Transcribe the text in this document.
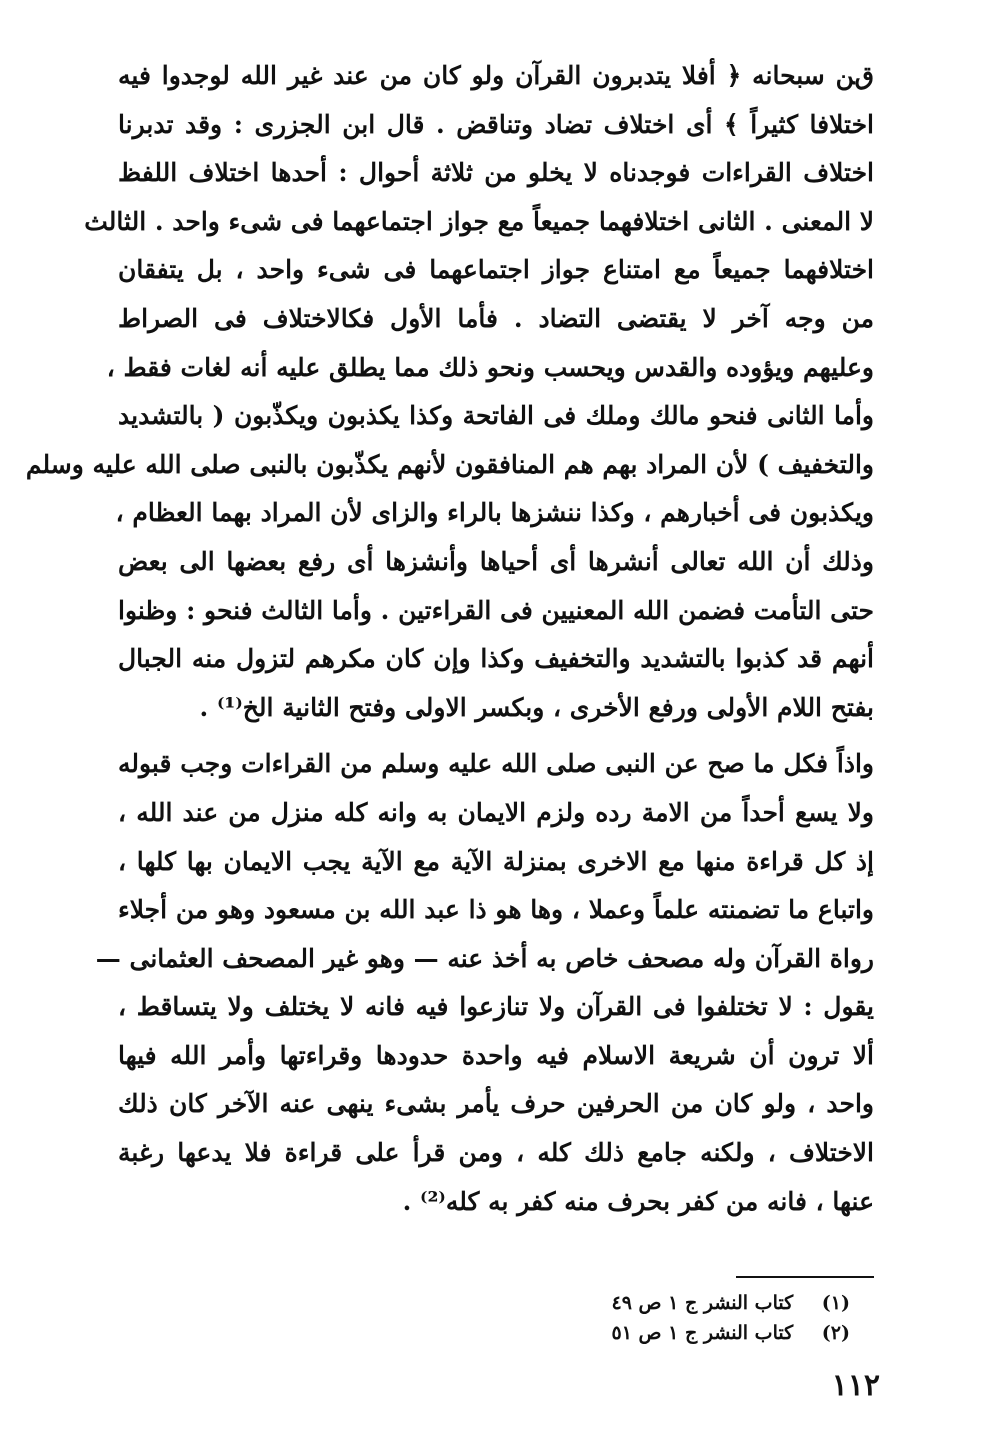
ﻕﻦ ﺳﺒﺤﺎﻧﻪ ﴿ ﺃﻓﻼ ﻳﺘﺪﺑﺮﻭﻥ ﺍﻟﻘﺮﺁﻥ ﻭﻟﻮ ﻛﺎﻥ ﻣﻦ ﻋﻨﺪ ﻏﻴﺮ ﺍﻟﻠﻪ ﻟﻮﺟﺪﻭﺍ ﻓﻴﻪ
ﺍﺧﺘﻼﻓﺎ ﻛﺜﻴﺮﺍً ﴾ ﺃﻯ ﺍﺧﺘﻼﻑ ﺗﻀﺎﺩ ﻭﺗﻨﺎﻗﺾ . ﻗﺎﻝ ﺍﺑﻦ ﺍﻟﺠﺰﺭﻯ : ﻭﻗﺪ ﺗﺪﺑﺮﻧﺎ
ﺍﺧﺘﻼﻑ ﺍﻟﻘﺮﺍﺀﺍﺕ ﻓﻮﺟﺪﻧﺎﻩ ﻻ ﻳﺨﻠﻮ ﻣﻦ ﺛﻼﺛﺔ ﺃﺣﻮﺍﻝ : ﺃﺣﺪﻫﺎ ﺍﺧﺘﻼﻑ ﺍﻟﻠﻔﻆ
ﻻ ﺍﻟﻤﻌﻨﻰ . ﺍﻟﺜﺎﻧﻰ ﺍﺧﺘﻼﻓﻬﻤﺎ ﺟﻤﻴﻌﺎً ﻣﻊ ﺟﻮﺍﺯ ﺍﺟﺘﻤﺎﻋﻬﻤﺎ ﻓﻰ ﺷﻰﺀ ﻭﺍﺣﺪ . ﺍﻟﺜﺎﻟﺚ
ﺍﺧﺘﻼﻓﻬﻤﺎ ﺟﻤﻴﻌﺎً ﻣﻊ ﺍﻣﺘﻨﺎﻉ ﺟﻮﺍﺯ ﺍﺟﺘﻤﺎﻋﻬﻤﺎ ﻓﻰ ﺷﻰﺀ ﻭﺍﺣﺪ ، ﺑﻞ ﻳﺘﻔﻘﺎﻥ
ﻣﻦ ﻭﺟﻪ ﺁﺧﺮ ﻻ ﻳﻘﺘﻀﻰ ﺍﻟﺘﻀﺎﺩ . ﻓﺄﻣﺎ ﺍﻷﻭﻝ ﻓﻜﺎﻻﺧﺘﻼﻑ ﻓﻰ ﺍﻟﺼﺮﺍﻁ
ﻭﻋﻠﻴﻬﻢ ﻭﻳﺆﻭﺩﻩ ﻭﺍﻟﻘﺪﺱ ﻭﻳﺤﺴﺐ ﻭﻧﺤﻮ ﺫﻟﻚ ﻣﻤﺎ ﻳﻄﻠﻖ ﻋﻠﻴﻪ ﺃﻧﻪ ﻟﻐﺎﺕ ﻓﻘﻂ ،
ﻭﺃﻣﺎ ﺍﻟﺜﺎﻧﻰ ﻓﻨﺤﻮ ﻣﺎﻟﻚ ﻭﻣﻠﻚ ﻓﻰ ﺍﻟﻔﺎﺗﺤﺔ ﻭﻛﺬﺍ ﻳﻜﺬﺑﻮﻥ ﻭﻳﻜﺬّﺑﻮﻥ ( ﺑﺎﻟﺘﺸﺪﻳﺪ
ﻭﺍﻟﺘﺨﻔﻴﻒ ) ﻷﻥ ﺍﻟﻤﺮﺍﺩ ﺑﻬﻢ ﻫﻢ ﺍﻟﻤﻨﺎﻓﻘﻮﻥ ﻷﻧﻬﻢ ﻳﻜﺬّﺑﻮﻥ ﺑﺎﻟﻨﺒﻰ ﺻﻠﻰ ﺍﻟﻠﻪ ﻋﻠﻴﻪ ﻭﺳﻠﻢ
ﻭﻳﻜﺬﺑﻮﻥ ﻓﻰ ﺃﺧﺒﺎﺭﻫﻢ ، ﻭﻛﺬﺍ ﻧﻨﺸﺰﻫﺎ ﺑﺎﻟﺮﺍﺀ ﻭﺍﻟﺰﺍﻯ ﻷﻥ ﺍﻟﻤﺮﺍﺩ ﺑﻬﻤﺎ ﺍﻟﻌﻈﺎﻡ ،
ﻭﺫﻟﻚ ﺃﻥ ﺍﻟﻠﻪ ﺗﻌﺎﻟﻰ ﺃﻧﺸﺮﻫﺎ ﺃﻯ ﺃﺣﻴﺎﻫﺎ ﻭﺃﻧﺸﺰﻫﺎ ﺃﻯ ﺭﻓﻊ ﺑﻌﻀﻬﺎ ﺍﻟﻰ ﺑﻌﺾ
ﺣﺘﻰ ﺍﻟﺘﺄﻣﺖ ﻓﻀﻤﻦ ﺍﻟﻠﻪ ﺍﻟﻤﻌﻨﻴﻴﻦ ﻓﻰ ﺍﻟﻘﺮﺍﺀﺗﻴﻦ . ﻭﺃﻣﺎ ﺍﻟﺜﺎﻟﺚ ﻓﻨﺤﻮ : ﻭﻇﻨﻮﺍ
ﺃﻧﻬﻢ ﻗﺪ ﻛﺬﺑﻮﺍ ﺑﺎﻟﺘﺸﺪﻳﺪ ﻭﺍﻟﺘﺨﻔﻴﻒ ﻭﻛﺬﺍ ﻭﺇﻥ ﻛﺎﻥ ﻣﻜﺮﻫﻢ ﻟﺘﺰﻭﻝ ﻣﻨﻪ ﺍﻟﺠﺒﺎﻝ
ﺑﻔﺘﺢ ﺍﻟﻼﻡ ﺍﻷﻭﻟﻰ ﻭﺭﻓﻊ ﺍﻷﺧﺮﻯ ، ﻭﺑﻜﺴﺮ ﺍﻻﻭﻟﻰ ﻭﻓﺘﺢ ﺍﻟﺜﺎﻧﻴﺔ ﺍﻟﺦ⁽¹⁾ .
ﻭﺍﺫﺍً ﻓﻜﻞ ﻣﺎ ﺻﺢ ﻋﻦ ﺍﻟﻨﺒﻰ ﺻﻠﻰ ﺍﻟﻠﻪ ﻋﻠﻴﻪ ﻭﺳﻠﻢ ﻣﻦ ﺍﻟﻘﺮﺍﺀﺍﺕ ﻭﺟﺐ ﻗﺒﻮﻟﻪ
ﻭﻻ ﻳﺴﻊ ﺃﺣﺪﺍً ﻣﻦ ﺍﻻﻣﺔ ﺭﺩﻩ ﻭﻟﺰﻡ ﺍﻻﻳﻤﺎﻥ ﺑﻪ ﻭﺍﻧﻪ ﻛﻠﻪ ﻣﻨﺰﻝ ﻣﻦ ﻋﻨﺪ ﺍﻟﻠﻪ ،
ﺇﺫ ﻛﻞ ﻗﺮﺍﺀﺓ ﻣﻨﻬﺎ ﻣﻊ ﺍﻻﺧﺮﻯ ﺑﻤﻨﺰﻟﺔ ﺍﻵﻳﺔ ﻣﻊ ﺍﻵﻳﺔ ﻳﺠﺐ ﺍﻻﻳﻤﺎﻥ ﺑﻬﺎ ﻛﻠﻬﺎ ،
ﻭﺍﺗﺒﺎﻉ ﻣﺎ ﺗﻀﻤﻨﺘﻪ ﻋﻠﻤﺎً ﻭﻋﻤﻼ ، ﻭﻫﺎ ﻫﻮ ﺫﺍ ﻋﺒﺪ ﺍﻟﻠﻪ ﺑﻦ ﻣﺴﻌﻮﺩ ﻭﻫﻮ ﻣﻦ ﺃﺟﻼﺀ
ﺭﻭﺍﺓ ﺍﻟﻘﺮﺁﻥ ﻭﻟﻪ ﻣﺼﺤﻒ ﺧﺎﺹ ﺑﻪ ﺃﺧﺬ ﻋﻨﻪ — ﻭﻫﻮ ﻏﻴﺮ ﺍﻟﻤﺼﺤﻒ ﺍﻟﻌﺜﻤﺎﻧﻰ —
ﻳﻘﻮﻝ : ﻻ ﺗﺨﺘﻠﻔﻮﺍ ﻓﻰ ﺍﻟﻘﺮﺁﻥ ﻭﻻ ﺗﻨﺎﺯﻋﻮﺍ ﻓﻴﻪ ﻓﺎﻧﻪ ﻻ ﻳﺨﺘﻠﻒ ﻭﻻ ﻳﺘﺴﺎﻗﻂ ،
ﺃﻻ ﺗﺮﻭﻥ ﺃﻥ ﺷﺮﻳﻌﺔ ﺍﻻﺳﻼﻡ ﻓﻴﻪ ﻭﺍﺣﺪﺓ ﺣﺪﻭﺩﻫﺎ ﻭﻗﺮﺍﺀﺗﻬﺎ ﻭﺃﻣﺮ ﺍﻟﻠﻪ ﻓﻴﻬﺎ
ﻭﺍﺣﺪ ، ﻭﻟﻮ ﻛﺎﻥ ﻣﻦ ﺍﻟﺤﺮﻓﻴﻦ ﺣﺮﻑ ﻳﺄﻣﺮ ﺑﺸﻰﺀ ﻳﻨﻬﻰ ﻋﻨﻪ ﺍﻵﺧﺮ ﻛﺎﻥ ﺫﻟﻚ
ﺍﻻﺧﺘﻼﻑ ، ﻭﻟﻜﻨﻪ ﺟﺎﻣﻊ ﺫﻟﻚ ﻛﻠﻪ ، ﻭﻣﻦ ﻗﺮﺃ ﻋﻠﻰ ﻗﺮﺍﺀﺓ ﻓﻼ ﻳﺪﻋﻬﺎ ﺭﻏﺒﺔ
ﻋﻨﻬﺎ ، ﻓﺎﻧﻪ ﻣﻦ ﻛﻔﺮ ﺑﺤﺮﻑ ﻣﻨﻪ ﻛﻔﺮ ﺑﻪ ﻛﻠﻪ⁽²⁾ .
(١) ﻛﺘﺎﺏ ﺍﻟﻨﺸﺮ ﺝ ١ ﺹ ٤٩
(٢) ﻛﺘﺎﺏ ﺍﻟﻨﺸﺮ ﺝ ١ ﺹ ٥١
١١٢
